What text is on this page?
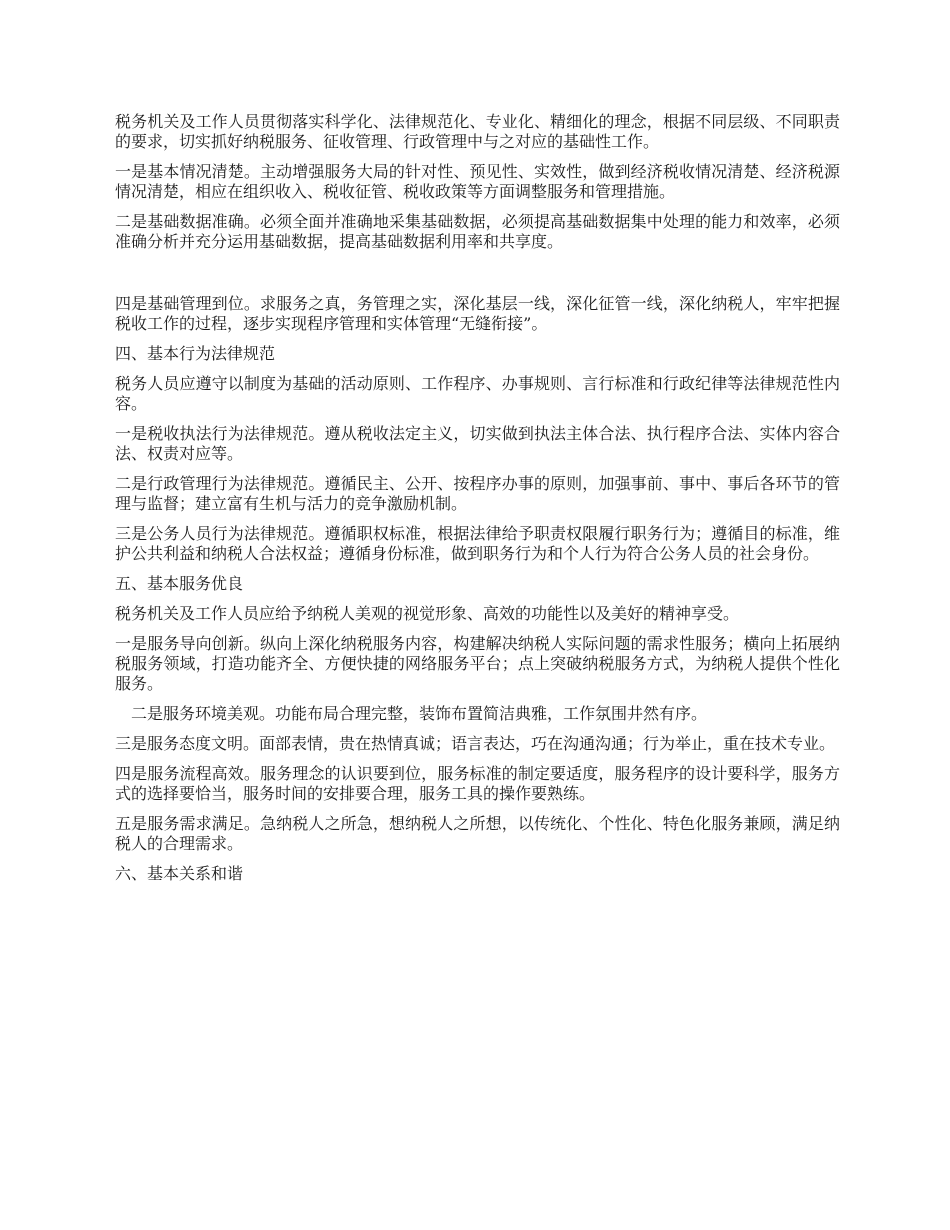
税务机关及工作人员贯彻落实科学化、法律规范化、专业化、精细化的理念，根据不同层级、不同职责的要求，切实抓好纳税服务、征收管理、行政管理中与之对应的基础性工作。

一是基本情况清楚。主动增强服务大局的针对性、预见性、实效性，做到经济税收情况清楚、经济税源情况清楚，相应在组织收入、税收征管、税收政策等方面调整服务和管理措施。

二是基础数据准确。必须全面并准确地采集基础数据，必须提高基础数据集中处理的能力和效率，必须准确分析并充分运用基础数据，提高基础数据利用率和共享度。

四是基础管理到位。求服务之真，务管理之实，深化基层一线，深化征管一线，深化纳税人，牢牢把握税收工作的过程，逐步实现程序管理和实体管理“无缝衔接”。

四、基本行为法律规范

税务人员应遵守以制度为基础的活动原则、工作程序、办事规则、言行标准和行政纪律等法律规范性内容。

一是税收执法行为法律规范。遵从税收法定主义，切实做到执法主体合法、执行程序合法、实体内容合法、权责对应等。

二是行政管理行为法律规范。遵循民主、公开、按程序办事的原则，加强事前、事中、事后各环节的管理与监督；建立富有生机与活力的竞争激励机制。

三是公务人员行为法律规范。遵循职权标准，根据法律给予职责权限履行职务行为；遵循目的标准，维护公共利益和纳税人合法权益；遵循身份标准，做到职务行为和个人行为符合公务人员的社会身份。

五、基本服务优良

税务机关及工作人员应给予纳税人美观的视觉形象、高效的功能性以及美好的精神享受。

一是服务导向创新。纵向上深化纳税服务内容，构建解决纳税人实际问题的需求性服务；横向上拓展纳税服务领域，打造功能齐全、方便快捷的网络服务平台；点上突破纳税服务方式，为纳税人提供个性化服务。

二是服务环境美观。功能布局合理完整，装饰布置简洁典雅，工作氛围井然有序。

三是服务态度文明。面部表情，贵在热情真诚；语言表达，巧在沟通沟通；行为举止，重在技术专业。

四是服务流程高效。服务理念的认识要到位，服务标准的制定要适度，服务程序的设计要科学，服务方式的选择要恰当，服务时间的安排要合理，服务工具的操作要熟练。

五是服务需求满足。急纳税人之所急，想纳税人之所想，以传统化、个性化、特色化服务兼顾，满足纳税人的合理需求。

六、基本关系和谐
